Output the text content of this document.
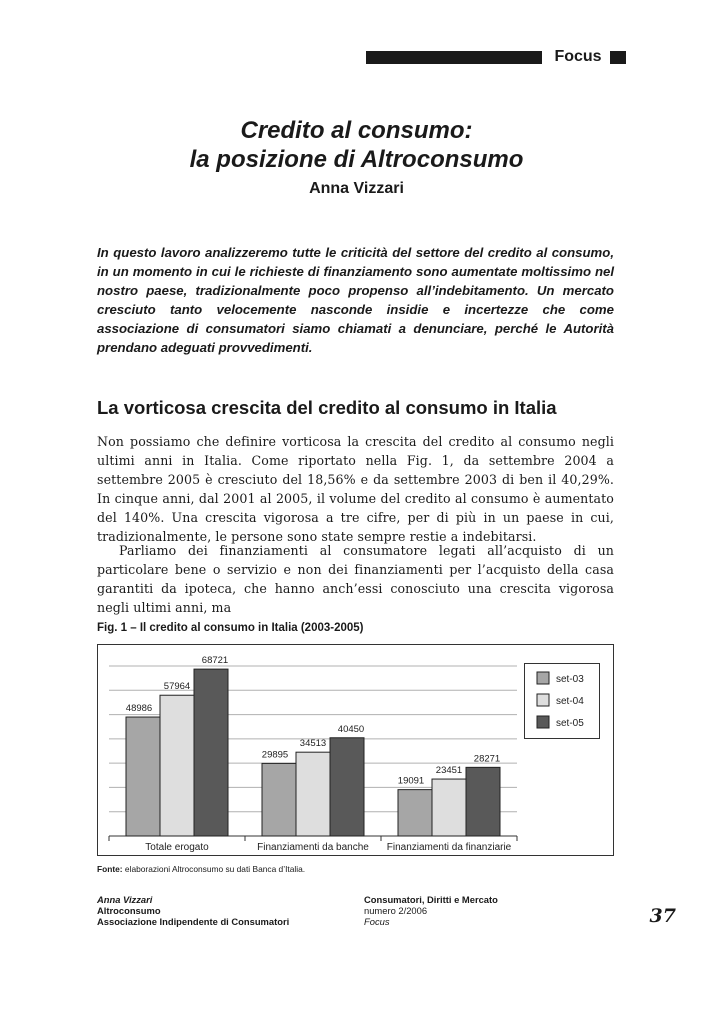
Focus
Credito al consumo:
la posizione di Altroconsumo
Anna Vizzari

In questo lavoro analizzeremo tutte le criticità del settore del credito al consumo, in un momento in cui le richieste di finanziamento sono aumentate moltissimo nel nostro paese, tradizionalmente poco propenso all’indebitamento. Un mercato cresciuto tanto velocemente nasconde insidie e incertezze che come associazione di consumatori siamo chiamati a denunciare, perché le Autorità prendano adeguati provvedimenti.

La vorticosa crescita del credito al consumo in Italia

Non possiamo che definire vorticosa la crescita del credito al consumo negli ultimi anni in Italia. Come riportato nella Fig. 1, da settembre 2004 a settembre 2005 è cresciuto del 18,56% e da settembre 2003 di ben il 40,29%. In cinque anni, dal 2001 al 2005, il volume del credito al consumo è aumentato del 140%. Una crescita vigorosa a tre cifre, per di più in un paese in cui, tradizionalmente, le persone sono state sempre restie a indebitarsi.

Parliamo dei finanziamenti al consumatore legati all’acquisto di un particolare bene o servizio e non dei finanziamenti per l’acquisto della casa garantiti da ipoteca, che hanno anch’essi conosciuto una crescita vigorosa negli ultimi anni, ma

Fig. 1 – Il credito al consumo in Italia (2003-2005)
48986
57964
68721
29895
34513
40450
19091
23451
28271
Totale erogato	Finanziamenti da banche Finanziamenti da finanziarie
set-03
set-04
set-05
Fonte: elaborazioni Altroconsumo su dati Banca d’Italia.
Anna Vizzari
Altroconsumo
Associazione Indipendente di Consumatori
Consumatori, Diritti e Mercato
numero 2/2006
Focus	37
